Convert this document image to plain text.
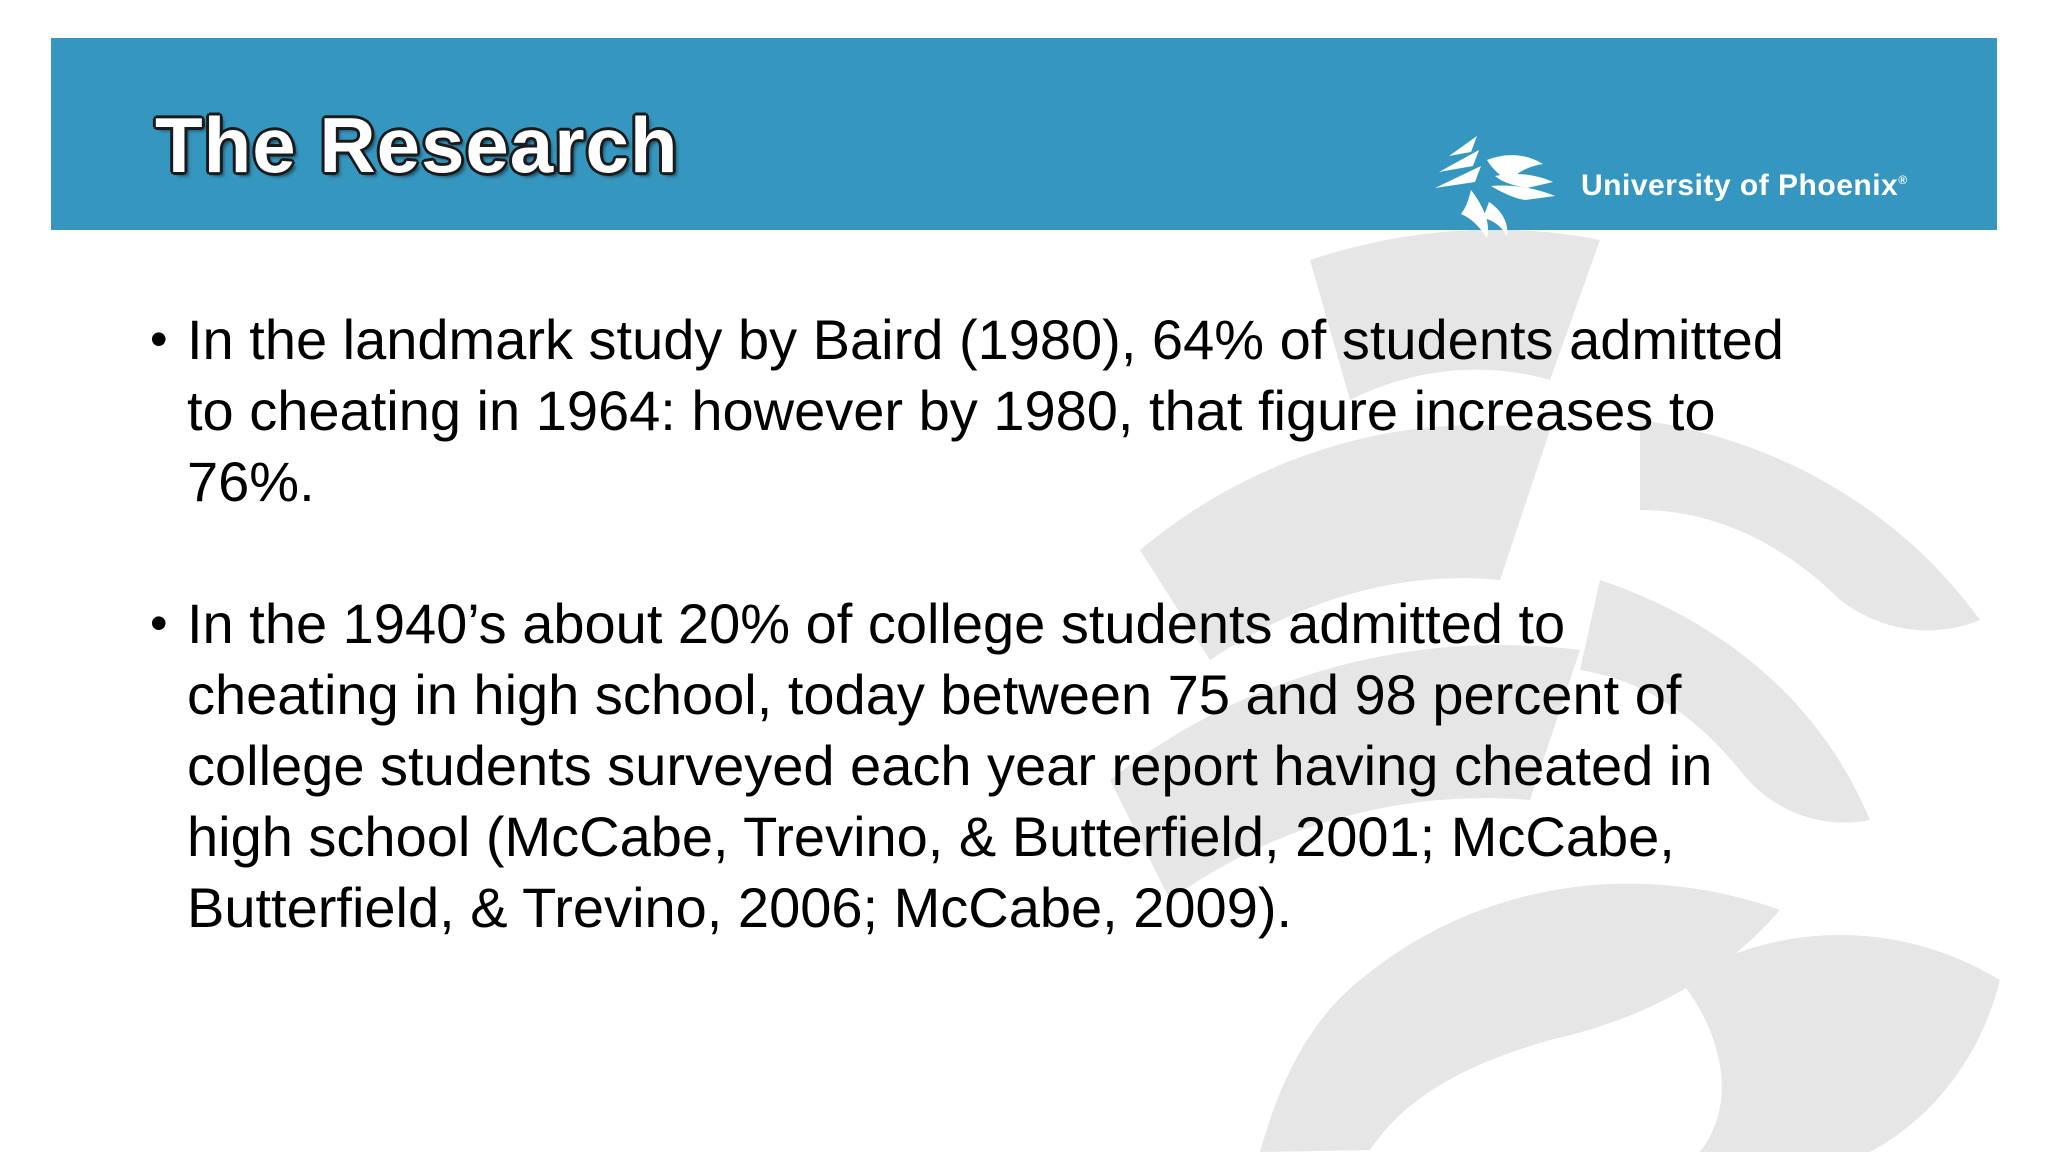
The Research	University of Phoenix®
• In the landmark study by Baird (1980), 64% of students admitted
to cheating in 1964: however by 1980, that figure increases to
76%.
• In the 1940’s about 20% of college students admitted to
cheating in high school, today between 75 and 98 percent of
college students surveyed each year report having cheated in
high school (McCabe, Trevino, & Butterfield, 2001; McCabe,
Butterfield, & Trevino, 2006; McCabe, 2009).
